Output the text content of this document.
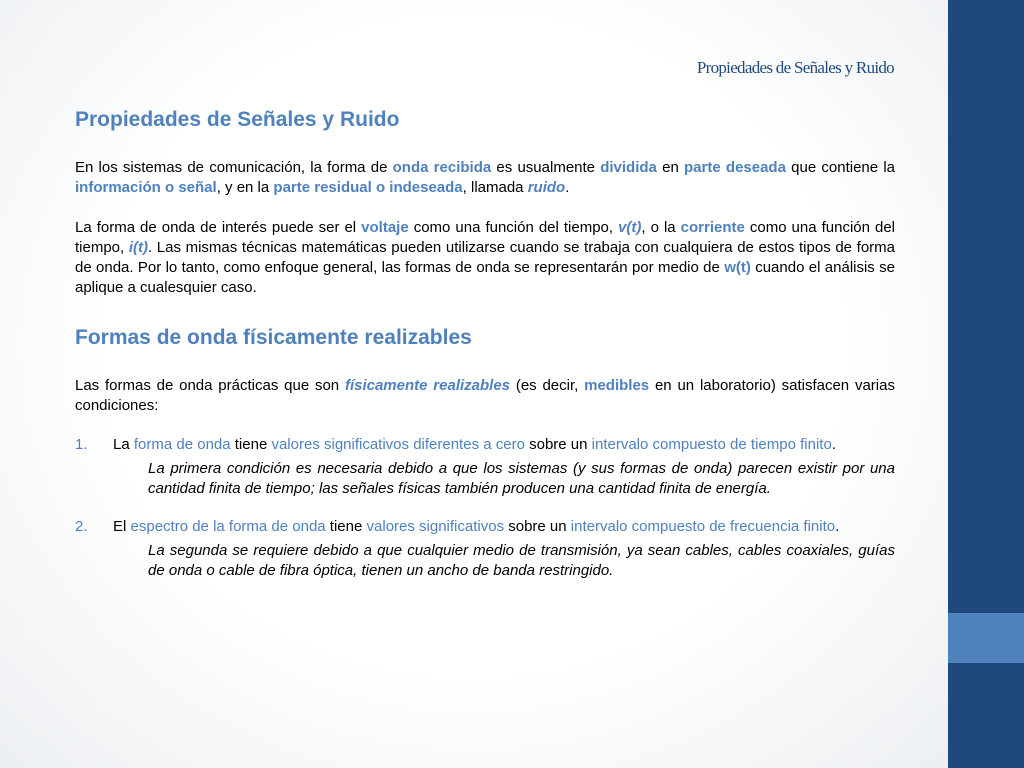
Propiedades de Señales y Ruido
Propiedades de Señales y Ruido

En los sistemas de comunicación, la forma de onda recibida es usualmente dividida en parte deseada que contiene la información o señal, y en la parte residual o indeseada, llamada ruido.

La forma de onda de interés puede ser el voltaje como una función del tiempo, v(t), o la corriente como una función del tiempo, i(t). Las mismas técnicas matemáticas pueden utilizarse cuando se trabaja con cualquiera de estos tipos de forma de onda. Por lo tanto, como enfoque general, las formas de onda se representarán por medio de w(t) cuando el análisis se aplique a cualesquier caso.

Formas de onda físicamente realizables

Las formas de onda prácticas que son físicamente realizables (es decir, medibles en un laboratorio) satisfacen varias condiciones:

1. La forma de onda tiene valores significativos diferentes a cero sobre un intervalo compuesto de tiempo finito.
La primera condición es necesaria debido a que los sistemas (y sus formas de onda) parecen existir por una cantidad finita de tiempo; las señales físicas también producen una cantidad finita de energía.
2. El espectro de la forma de onda tiene valores significativos sobre un intervalo compuesto de frecuencia finito.
La segunda se requiere debido a que cualquier medio de transmisión, ya sean cables, cables coaxiales, guías de onda o cable de fibra óptica, tienen un ancho de banda restringido.
